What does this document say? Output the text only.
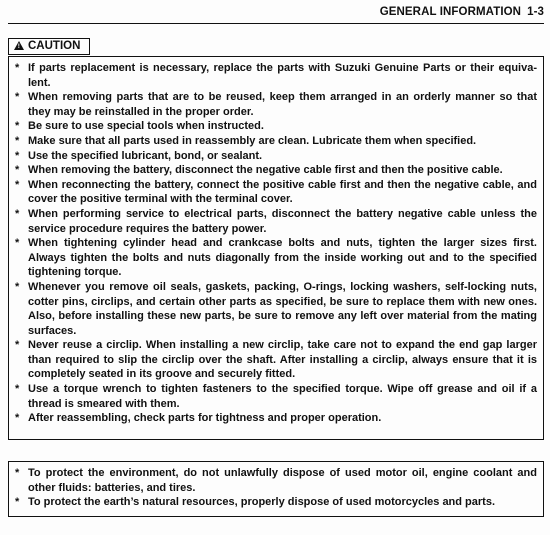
GENERAL INFORMATION 1-3
!CAUTION
* If parts replacement is necessary, replace the parts with Suzuki Genuine Parts or their equiva-lent.
* When removing parts that are to be reused, keep them arranged in an orderly manner so that they may be reinstalled in the proper order.
* Be sure to use special tools when instructed.
* Make sure that all parts used in reassembly are clean. Lubricate them when specified.
* Use the specified lubricant, bond, or sealant.
* When removing the battery, disconnect the negative cable first and then the positive cable.
* When reconnecting the battery, connect the positive cable first and then the negative cable, and cover the positive terminal with the terminal cover.
* When performing service to electrical parts, disconnect the battery negative cable unless the service procedure requires the battery power.
* When tightening cylinder head and crankcase bolts and nuts, tighten the larger sizes first. Always tighten the bolts and nuts diagonally from the inside working out and to the specified tightening torque.
* Whenever you remove oil seals, gaskets, packing, O-rings, locking washers, self-locking nuts, cotter pins, circlips, and certain other parts as specified, be sure to replace them with new ones. Also, before installing these new parts, be sure to remove any left over material from the mating surfaces.
* Never reuse a circlip. When installing a new circlip, take care not to expand the end gap larger than required to slip the circlip over the shaft. After installing a circlip, always ensure that it is completely seated in its groove and securely fitted.
* Use a torque wrench to tighten fasteners to the specified torque. Wipe off grease and oil if a thread is smeared with them.
* After reassembling, check parts for tightness and proper operation.
* To protect the environment, do not unlawfully dispose of used motor oil, engine coolant and other fluids: batteries, and tires.
* To protect the earth’s natural resources, properly dispose of used motorcycles and parts.
